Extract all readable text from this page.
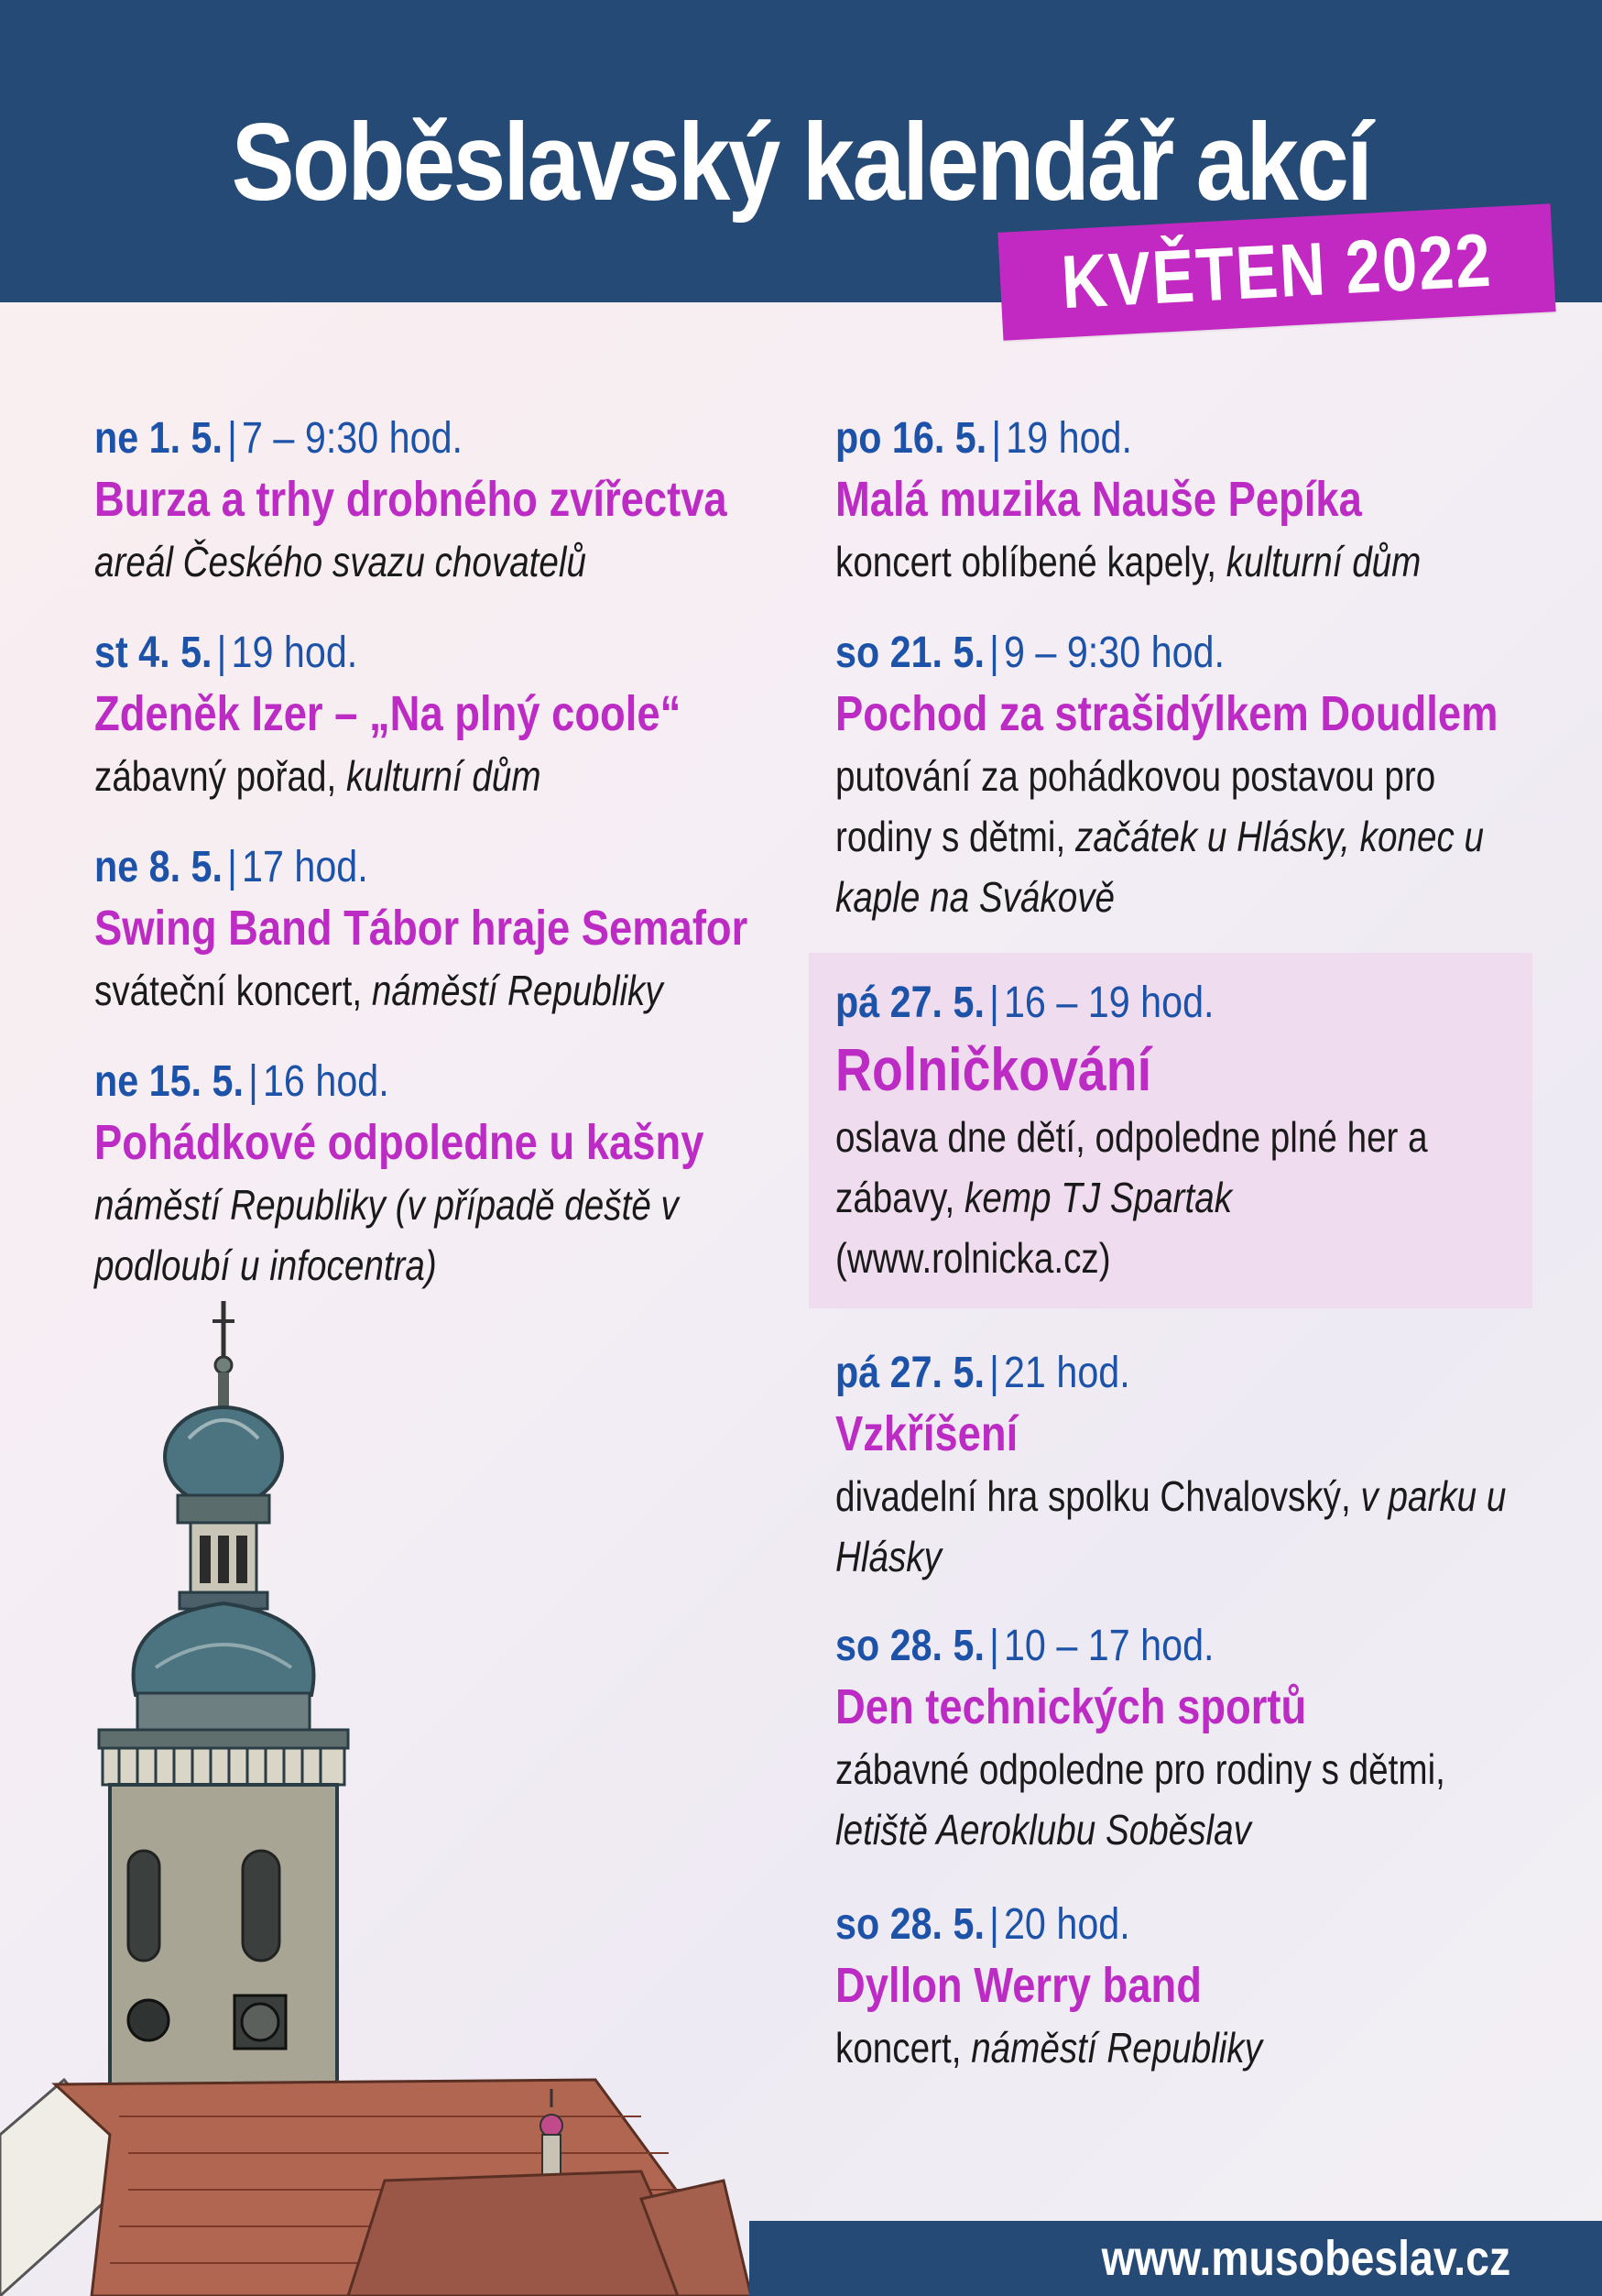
Soběslavský kalendář akcí
KVĚTEN 2022
ne 1. 5. | 7 – 9:30 hod.
Burza a trhy drobného zvířectva
areál Českého svazu chovatelů
st 4. 5. | 19 hod.
Zdeněk Izer – „Na plný coole“
zábavný pořad, kulturní dům
ne 8. 5. | 17 hod.
Swing Band Tábor hraje Semafor
sváteční koncert, náměstí Republiky
ne 15. 5. | 16 hod.
Pohádkové odpoledne u kašny
náměstí Republiky (v případě deště v podloubí u infocentra)
po 16. 5. | 19 hod.
Malá muzika Nauše Pepíka
koncert oblíbené kapely, kulturní dům
so 21. 5. | 9 – 9:30 hod.
Pochod za strašidýlkem Doudlem
putování za pohádkovou postavou pro rodiny s dětmi, začátek u Hlásky, konec u kaple na Svákově
pá 27. 5. | 16 – 19 hod.
Rolničkování
oslava dne dětí, odpoledne plné her a zábavy, kemp TJ Spartak (www.rolnicka.cz)
pá 27. 5. | 21 hod.
Vzkříšení
divadelní hra spolku Chvalovský, v parku u Hlásky
so 28. 5. | 10 – 17 hod.
Den technických sportů
zábavné odpoledne pro rodiny s dětmi, letiště Aeroklubu Soběslav
so 28. 5. | 20 hod.
Dyllon Werry band
koncert, náměstí Republiky
www.musobeslav.cz
